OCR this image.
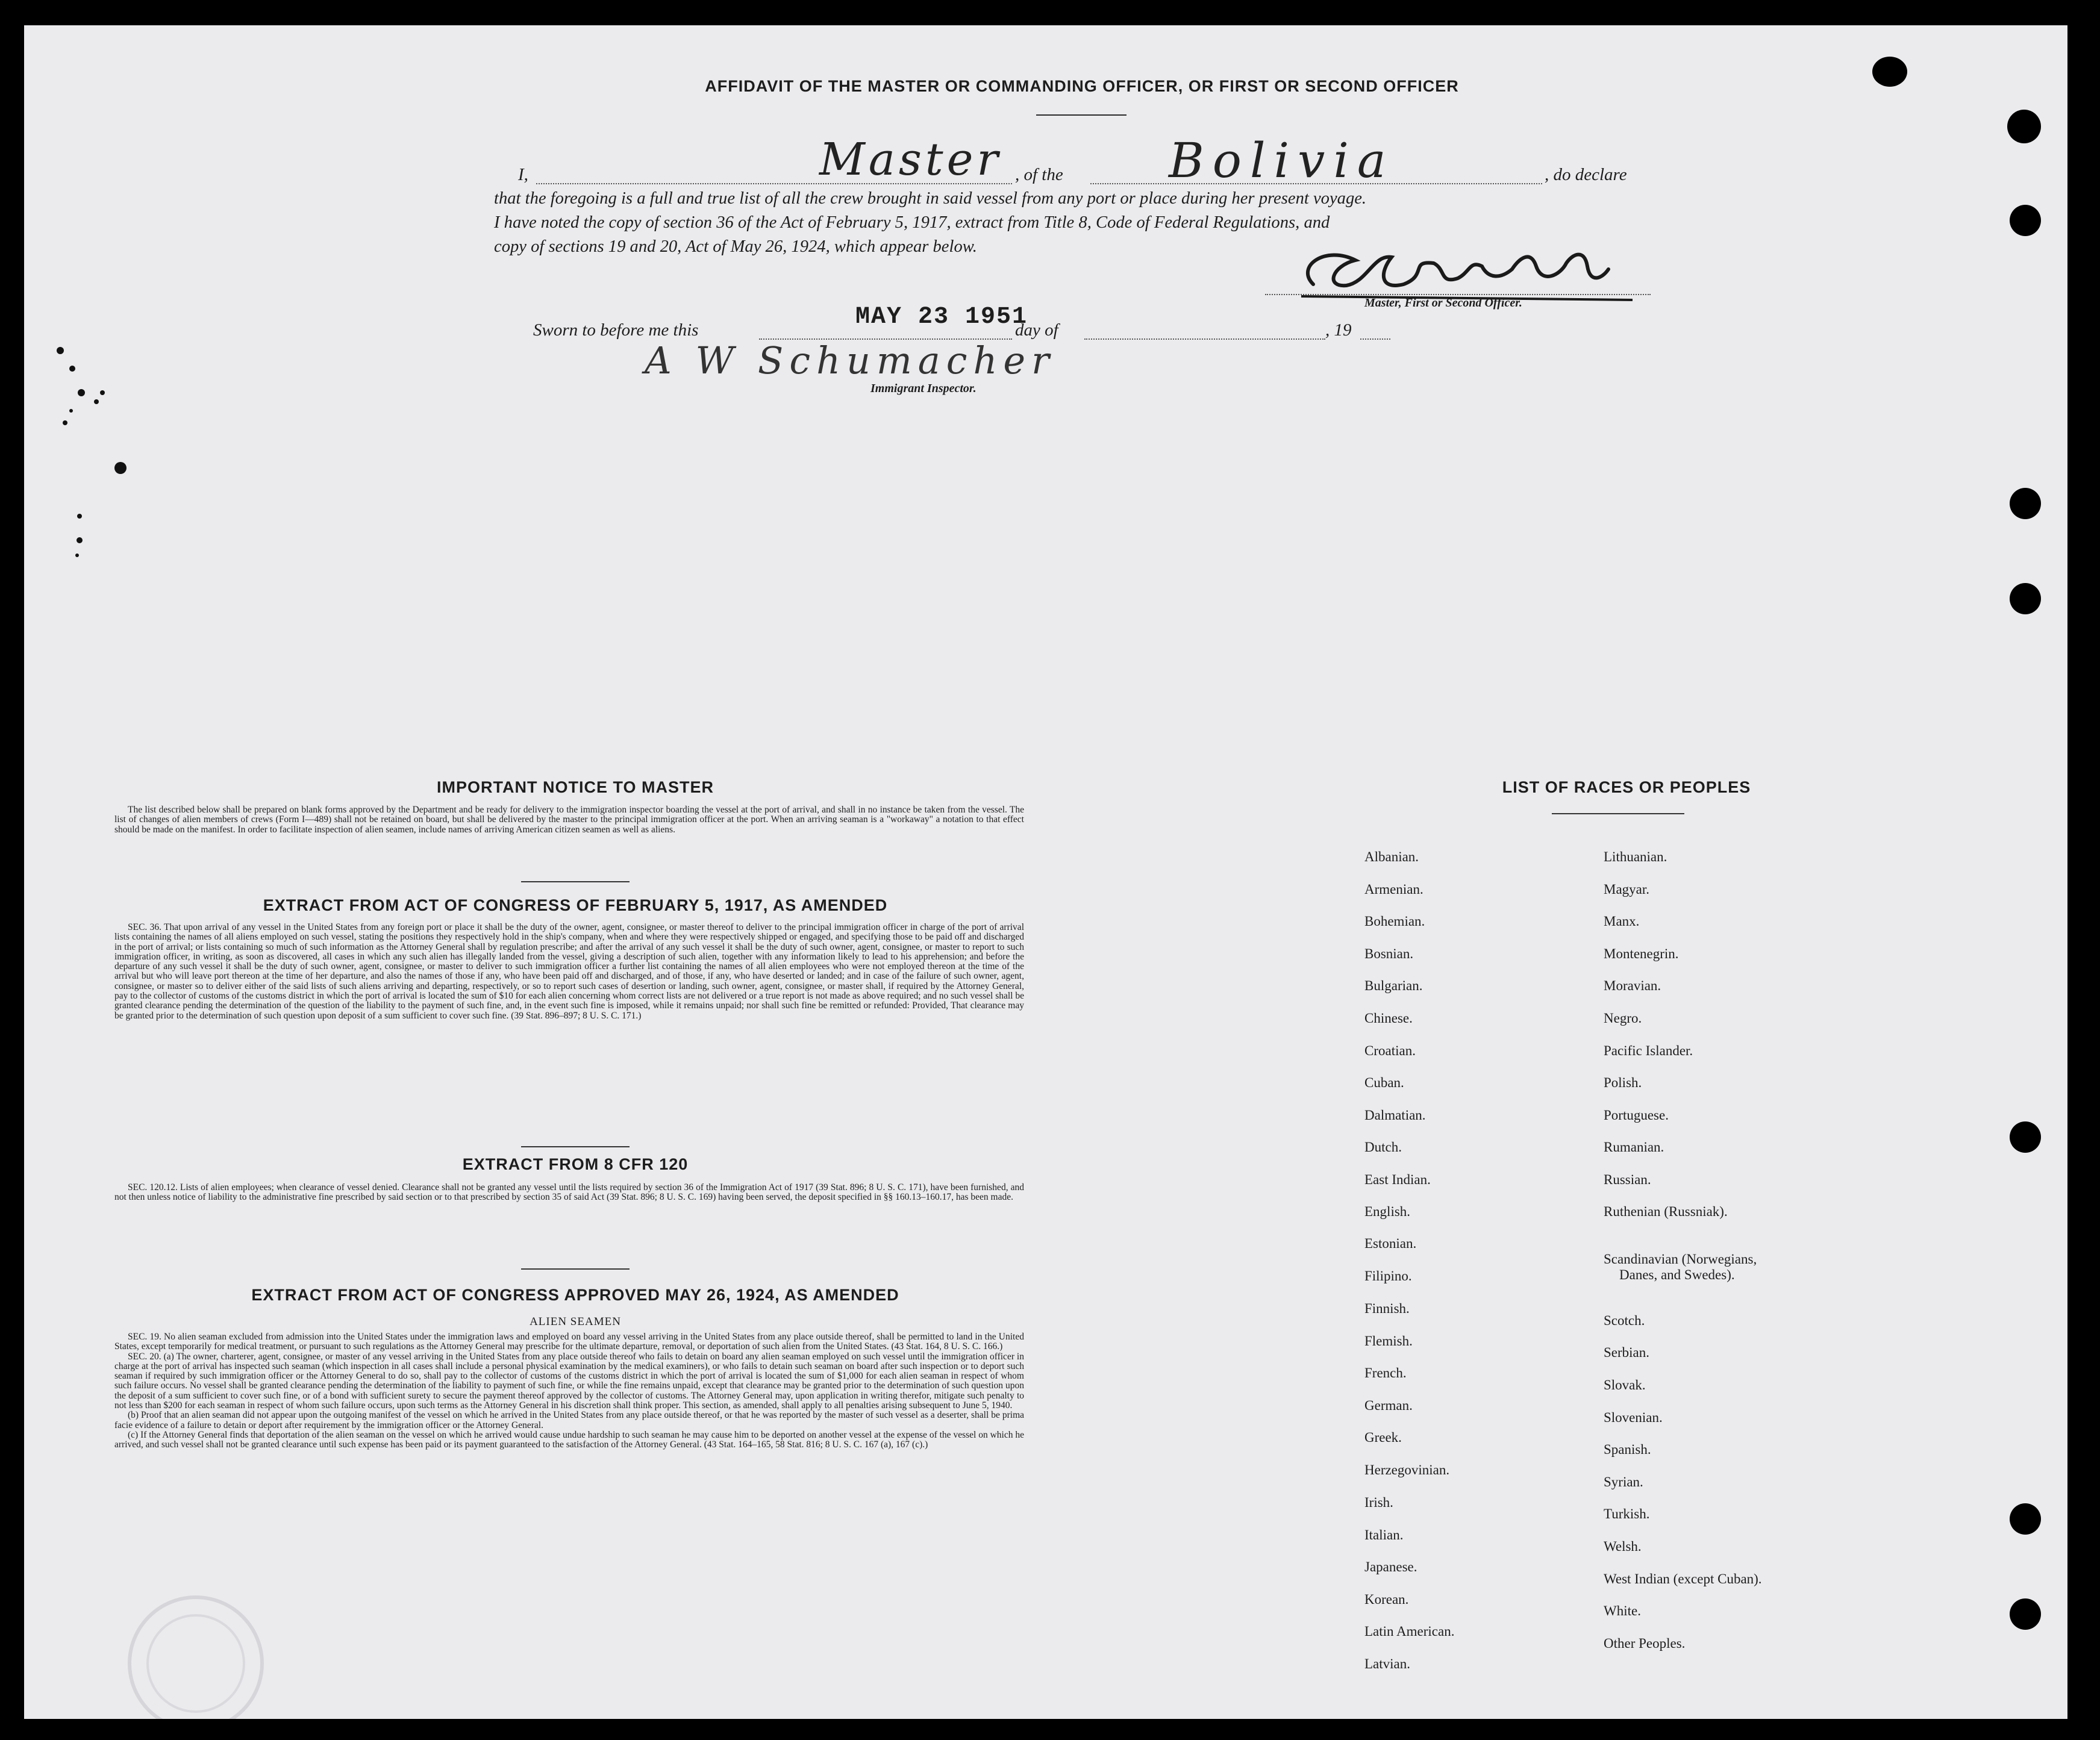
AFFIDAVIT OF THE MASTER OR COMMANDING OFFICER, OR FIRST OR SECOND OFFICER
I,	Master , of the Bolivia	, do declare
that the foregoing is a full and true list of all the crew brought in said vessel from any port or place during her present voyage.
I have noted the copy of section 36 of the Act of February 5, 1917, extract from Title 8, Code of Federal Regulations, and
copy of sections 19 and 20, Act of May 26, 1924, which appear below.
Master, First or Second Officer.
Sworn to before me this	MAY 23 1951
day of	, 19
A W Schumacher
Immigrant Inspector.
IMPORTANT NOTICE TO MASTER

The list described below shall be prepared on blank forms approved by the Department and be ready for delivery to the immigration inspector boarding the vessel at the port of arrival, and shall in no instance be taken from the vessel. The list of changes of alien members of crews (Form I—489) shall not be retained on board, but shall be delivered by the master to the principal immigration officer at the port. When an arriving seaman is a "workaway" a notation to that effect should be made on the manifest. In order to facilitate inspection of alien seamen, include names of arriving American citizen seamen as well as aliens.

EXTRACT FROM ACT OF CONGRESS OF FEBRUARY 5, 1917, AS AMENDED

SEC. 36. That upon arrival of any vessel in the United States from any foreign port or place it shall be the duty of the owner, agent, consignee, or master thereof to deliver to the principal immigration officer in charge of the port of arrival lists containing the names of all aliens employed on such vessel, stating the positions they respectively hold in the ship's company, when and where they were respectively shipped or engaged, and specifying those to be paid off and discharged in the port of arrival; or lists containing so much of such information as the Attorney General shall by regulation prescribe; and after the arrival of any such vessel it shall be the duty of such owner, agent, consignee, or master to report to such immigration officer, in writing, as soon as discovered, all cases in which any such alien has illegally landed from the vessel, giving a description of such alien, together with any information likely to lead to his apprehension; and before the departure of any such vessel it shall be the duty of such owner, agent, consignee, or master to deliver to such immigration officer a further list containing the names of all alien employees who were not employed thereon at the time of the arrival but who will leave port thereon at the time of her departure, and also the names of those if any, who have been paid off and discharged, and of those, if any, who have deserted or landed; and in case of the failure of such owner, agent, consignee, or master so to deliver either of the said lists of such aliens arriving and departing, respectively, or so to report such cases of desertion or landing, such owner, agent, consignee, or master shall, if required by the Attorney General, pay to the collector of customs of the customs district in which the port of arrival is located the sum of $10 for each alien concerning whom correct lists are not delivered or a true report is not made as above required; and no such vessel shall be granted clearance pending the determination of the question of the liability to the payment of such fine, and, in the event such fine is imposed, while it remains unpaid; nor shall such fine be remitted or refunded: Provided, That clearance may be granted prior to the determination of such question upon deposit of a sum sufficient to cover such fine. (39 Stat. 896–897; 8 U. S. C. 171.)

EXTRACT FROM 8 CFR 120

SEC. 120.12. Lists of alien employees; when clearance of vessel denied. Clearance shall not be granted any vessel until the lists required by section 36 of the Immigration Act of 1917 (39 Stat. 896; 8 U. S. C. 171), have been furnished, and not then unless notice of liability to the administrative fine prescribed by said section or to that prescribed by section 35 of said Act (39 Stat. 896; 8 U. S. C. 169) having been served, the deposit specified in §§ 160.13–160.17, has been made.

EXTRACT FROM ACT OF CONGRESS APPROVED MAY 26, 1924, AS AMENDED
ALIEN SEAMEN

SEC. 19. No alien seaman excluded from admission into the United States under the immigration laws and employed on board any vessel arriving in the United States from any place outside thereof, shall be permitted to land in the United States, except temporarily for medical treatment, or pursuant to such regulations as the Attorney General may prescribe for the ultimate departure, removal, or deportation of such alien from the United States. (43 Stat. 164, 8 U. S. C. 166.)

SEC. 20. (a) The owner, charterer, agent, consignee, or master of any vessel arriving in the United States from any place outside thereof who fails to detain on board any alien seaman employed on such vessel until the immigration officer in charge at the port of arrival has inspected such seaman (which inspection in all cases shall include a personal physical examination by the medical examiners), or who fails to detain such seaman on board after such inspection or to deport such seaman if required by such immigration officer or the Attorney General to do so, shall pay to the collector of customs of the customs district in which the port of arrival is located the sum of $1,000 for each alien seaman in respect of whom such failure occurs. No vessel shall be granted clearance pending the determination of the liability to payment of such fine, or while the fine remains unpaid, except that clearance may be granted prior to the determination of such question upon the deposit of a sum sufficient to cover such fine, or of a bond with sufficient surety to secure the payment thereof approved by the collector of customs. The Attorney General may, upon application in writing therefor, mitigate such penalty to not less than $200 for each seaman in respect of whom such failure occurs, upon such terms as the Attorney General in his discretion shall think proper. This section, as amended, shall apply to all penalties arising subsequent to June 5, 1940.

(b) Proof that an alien seaman did not appear upon the outgoing manifest of the vessel on which he arrived in the United States from any place outside thereof, or that he was reported by the master of such vessel as a deserter, shall be prima facie evidence of a failure to detain or deport after requirement by the immigration officer or the Attorney General.

(c) If the Attorney General finds that deportation of the alien seaman on the vessel on which he arrived would cause undue hardship to such seaman he may cause him to be deported on another vessel at the expense of the vessel on which he arrived, and such vessel shall not be granted clearance until such expense has been paid or its payment guaranteed to the satisfaction of the Attorney General. (43 Stat. 164–165, 58 Stat. 816; 8 U. S. C. 167 (a), 167 (c).)

LIST OF RACES OR PEOPLES
Albanian.
Armenian.
Bohemian.
Bosnian.
Bulgarian.
Chinese.
Croatian.
Cuban.
Dalmatian.
Dutch.
East Indian.
English.
Estonian.
Filipino.
Finnish.
Flemish.
French.
German.
Greek.
Herzegovinian.
Irish.
Italian.
Japanese.
Korean.
Latin American.
Latvian.
Lithuanian.
Magyar.
Manx.
Montenegrin.
Moravian.
Negro.
Pacific Islander.
Polish.
Portuguese.
Rumanian.
Russian.
Ruthenian (Russniak).
Scandinavian (Norwegians,
Danes, and Swedes).
Scotch.
Serbian.
Slovak.
Slovenian.
Spanish.
Syrian.
Turkish.
Welsh.
West Indian (except Cuban).
White.
Other Peoples.
